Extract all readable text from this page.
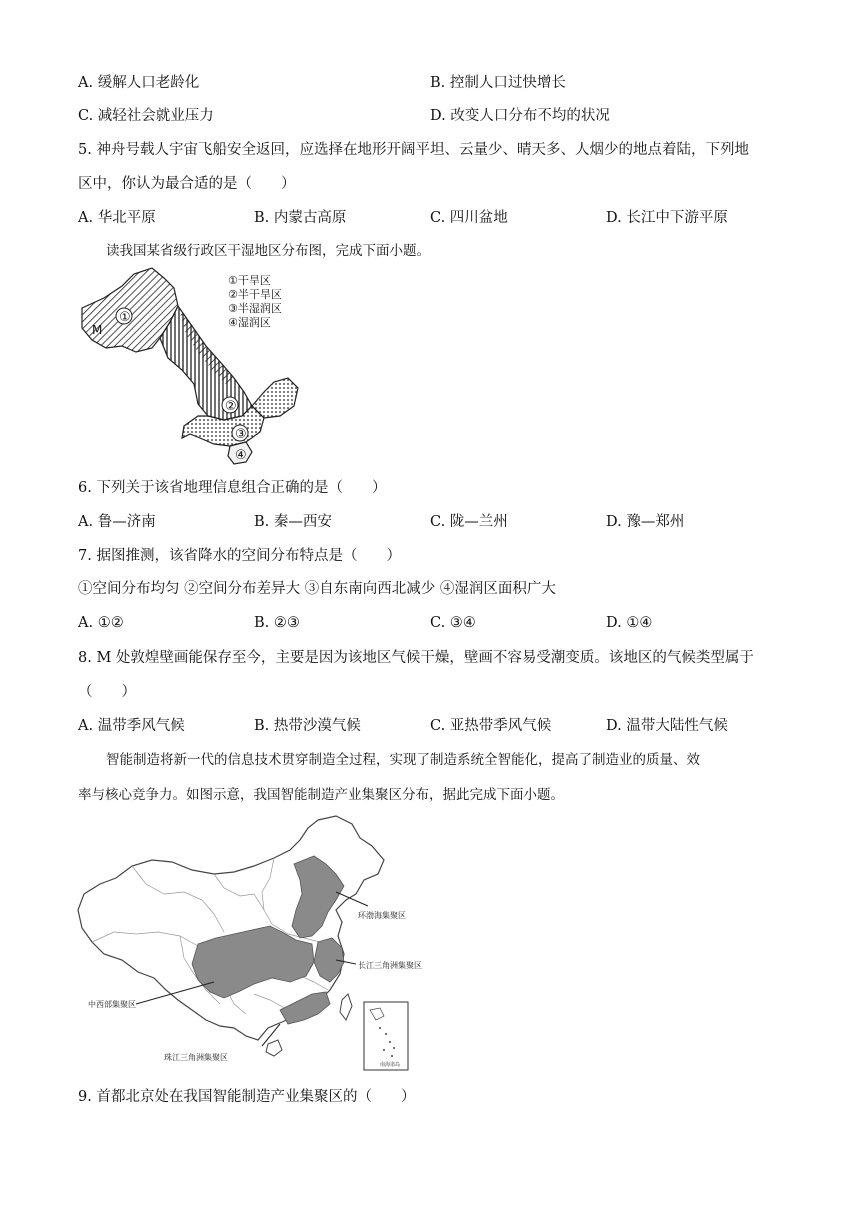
A. 缓解人口老龄化	B. 控制人口过快增长
C. 减轻社会就业压力	D. 改变人口分布不均的状况
5. 神舟号载人宇宙飞船安全返回，应选择在地形开阔平坦、云量少、晴天多、人烟少的地点着陆，下列地
区中，你认为最合适的是（　　）
A. 华北平原	B. 内蒙古高原	C. 四川盆地	D. 长江中下游平原
读我国某省级行政区干湿地区分布图，完成下面小题。
M
①
②
③
④
①干旱区
②半干旱区
③半湿润区
④湿润区
6. 下列关于该省地理信息组合正确的是（　　）
A. 鲁—济南	B. 秦—西安	C. 陇—兰州	D. 豫—郑州
7. 据图推测，该省降水的空间分布特点是（　　）
①空间分布均匀 ②空间分布差异大 ③自东南向西北减少 ④湿润区面积广大
A. ①②	B. ②③	C. ③④	D. ①④
8. M 处敦煌壁画能保存至今，主要是因为该地区气候干燥，壁画不容易受潮变质。该地区的气候类型属于
（　　）
A. 温带季风气候	B. 热带沙漠气候	C. 亚热带季风气候	D. 温带大陆性气候
智能制造将新一代的信息技术贯穿制造全过程，实现了制造系统全智能化，提高了制造业的质量、效
率与核心竞争力。如图示意，我国智能制造产业集聚区分布，据此完成下面小题。
环渤海集聚区
长江三角洲集聚区
中西部集聚区
珠江三角洲集聚区
南海诸岛
9. 首都北京处在我国智能制造产业集聚区的（　　）
